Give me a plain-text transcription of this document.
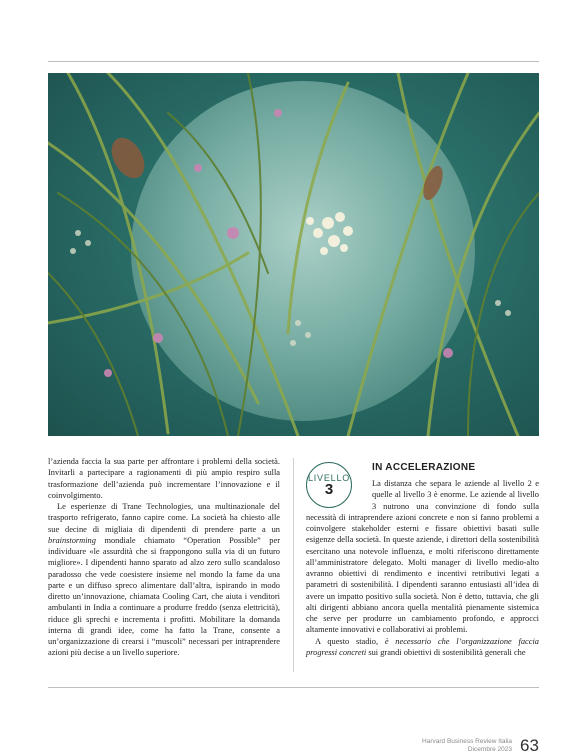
l’azienda faccia la sua parte per affrontare i problemi della società. Invitarli a partecipare a ragionamenti di più ampio respiro sulla trasformazione dell’azienda può incrementare l’innovazione e il coinvolgimento.

Le esperienze di Trane Technologies, una multinazionale del trasporto refrigerato, fanno capire come. La società ha chiesto alle sue decine di migliaia di dipendenti di prendere parte a un brainstorming mondiale chiamato “Operation Possible” per individuare «le assurdità che si frappongono sulla via di un futuro migliore». I dipendenti hanno sparato ad alzo zero sullo scandaloso paradosso che vede coesistere insieme nel mondo la fame da una parte e un diffuso spreco alimentare dall’altra, ispirando in modo diretto un’innovazione, chiamata Cooling Cart, che aiuta i venditori ambulanti in India a continuare a produrre freddo (senza elettricità), riduce gli sprechi e incrementa i profitti. Mobilitare la domanda interna di grandi idee, come ha fatto la Trane, consente a un’organizzazione di crearsi i “muscoli” necessari per intraprendere azioni più decise a un livello superiore.

LIVELLO
3
IN ACCELERAZIONE

La distanza che separa le aziende al livello 2 e quelle al livello 3 è enorme. Le aziende al livello 3 nutrono una convinzione di fondo sulla necessità di intraprendere azioni concrete e non si fanno problemi a coinvolgere stakeholder esterni e fissare obiettivi basati sulle esigenze della società. In queste aziende, i direttori della sostenibilità esercitano una notevole influenza, e molti riferiscono direttamente all’amministratore delegato. Molti manager di livello medio-alto avranno obiettivi di rendimento e incentivi retributivi legati a parametri di sostenibilità. I dipendenti saranno entusiasti all’idea di avere un impatto positivo sulla società. Non è detto, tuttavia, che gli alti dirigenti abbiano ancora quella mentalità pienamente sistemica che serve per produrre un cambiamento profondo, e approcci altamente innovativi e collaborativi ai problemi.

A questo stadio, è necessario che l’organizzazione faccia progressi concreti sui grandi obiettivi di sostenibilità generali che

Harvard Business Review Italia
Dicembre 2023 63
